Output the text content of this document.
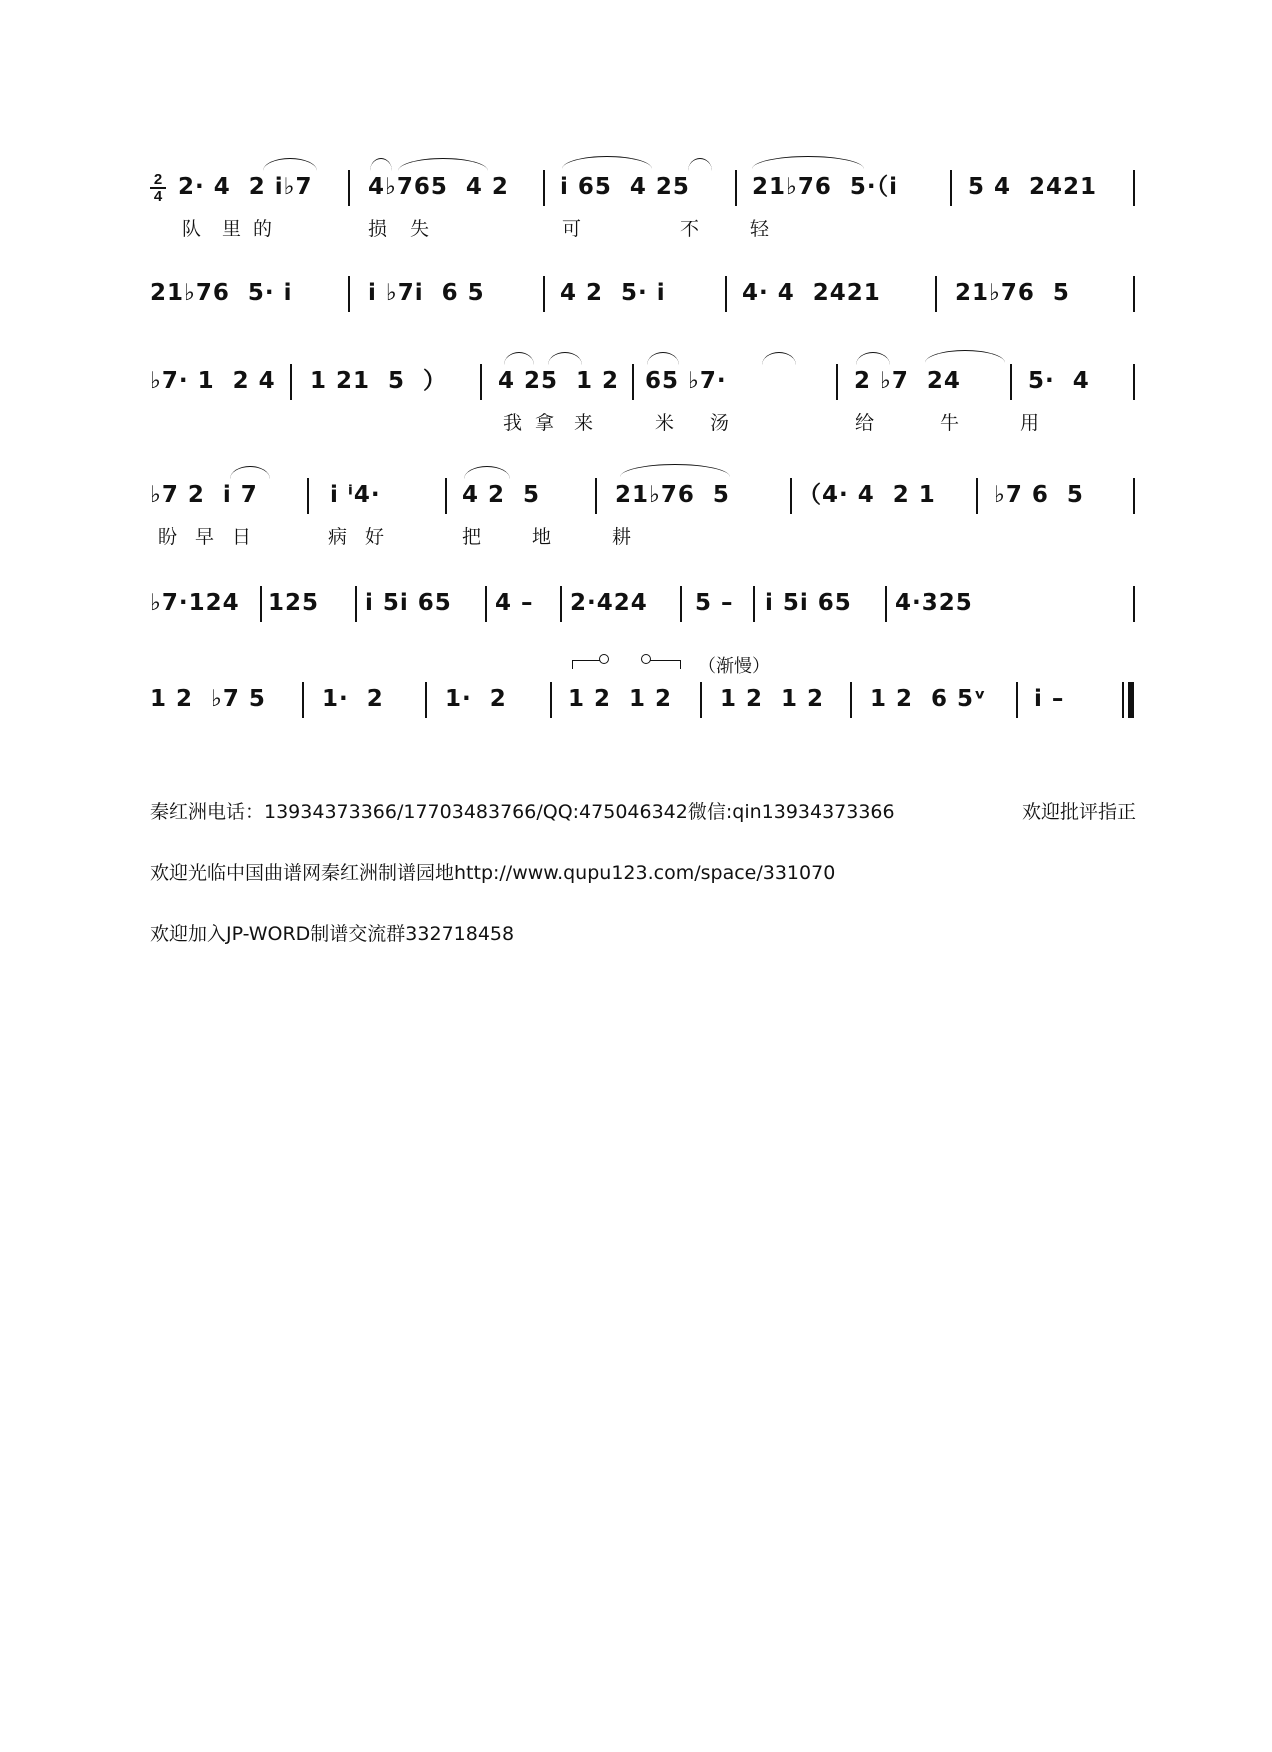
2
4 2· 4  2 i♭7 4♭765  4 2 i 65  4 25	21♭76  5·（i	5 4  2421
队 里的	损 失	可	不	轻
21♭76  5· i	i ♭7i  6 5	4 2  5· i	4· 4  2421	21♭76  5
♭7· 1  2 4 1 21  5  ） 4 25  1 2 65 ♭7·	2 ♭7  24	5·  4
我 拿 来	米 汤	给	牛	用
♭7 2  i 7	i ⁱ4·	4 2  5	21♭76  5	（4· 4  2 1	♭7 6  5
盼 早 日	病 好	把	地	耕
♭7·124 125 i 5i 65 4 – 2·424 5 – i 5i 65 4·325
（渐慢）
1 2  ♭7 5 1·  2	1·  2	1 2  1 2 1 2  1 2 1 2  6 5ᵛ i –
秦红洲电话：13934373366/17703483766/QQ:475046342微信:qin13934373366	欢迎批评指正
欢迎光临中国曲谱网秦红洲制谱园地http://www.qupu123.com/space/331070
欢迎加入JP-WORD制谱交流群332718458
